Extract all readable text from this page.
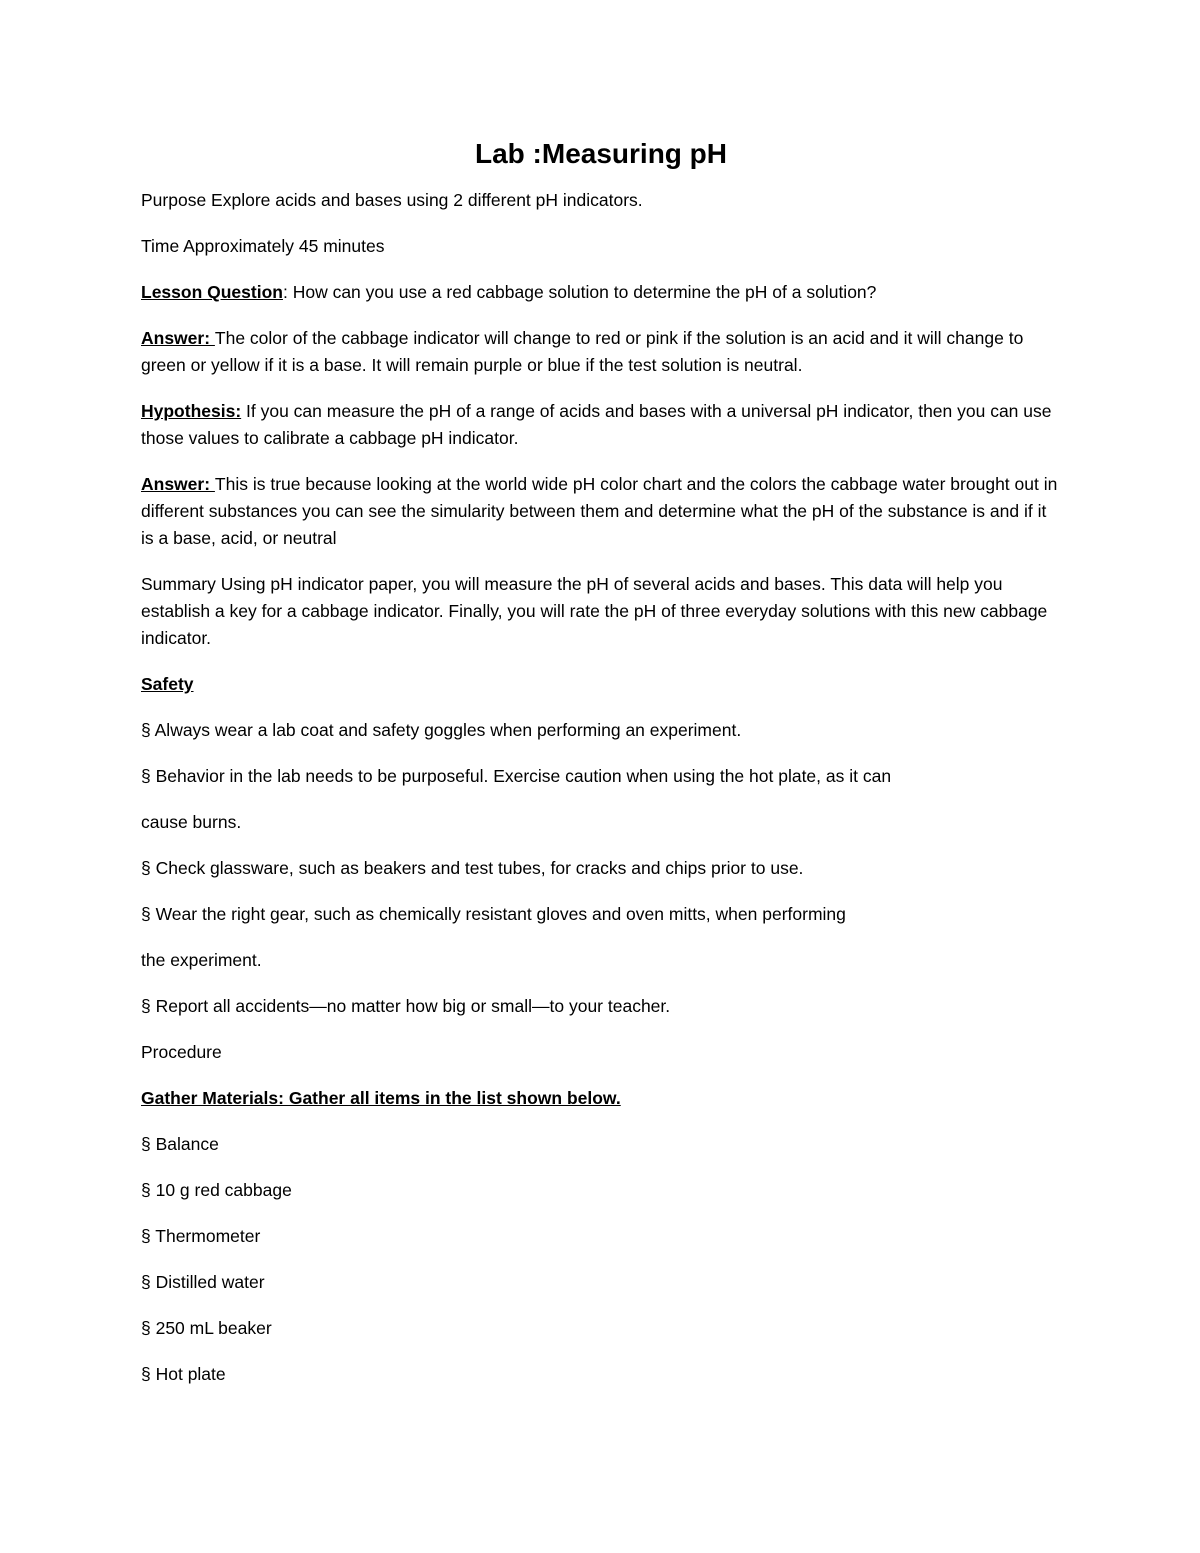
Lab :Measuring pH
Purpose Explore acids and bases using 2 different pH indicators.
Time Approximately 45 minutes
Lesson Question: How can you use a red cabbage solution to determine the pH of a solution?
Answer: The color of the cabbage indicator will change to red or pink if the solution is an acid and it will change to green or yellow if it is a base. It will remain purple or blue if the test solution is neutral.
Hypothesis: If you can measure the pH of a range of acids and bases with a universal pH indicator, then you can use those values to calibrate a cabbage pH indicator.
Answer: This is true because looking at the world wide pH color chart and the colors the cabbage water brought out in different substances you can see the simularity between them and determine what the pH of the substance is and if it is a base, acid, or neutral
Summary Using pH indicator paper, you will measure the pH of several acids and bases. This data will help you establish a key for a cabbage indicator. Finally, you will rate the pH of three everyday solutions with this new cabbage indicator.
Safety
§ Always wear a lab coat and safety goggles when performing an experiment.
§ Behavior in the lab needs to be purposeful. Exercise caution when using the hot plate, as it can
cause burns.
§ Check glassware, such as beakers and test tubes, for cracks and chips prior to use.
§ Wear the right gear, such as chemically resistant gloves and oven mitts, when performing
the experiment.
§ Report all accidents—no matter how big or small—to your teacher.
Procedure
Gather Materials: Gather all items in the list shown below.
§ Balance
§ 10 g red cabbage
§ Thermometer
§ Distilled water
§ 250 mL beaker
§ Hot plate
